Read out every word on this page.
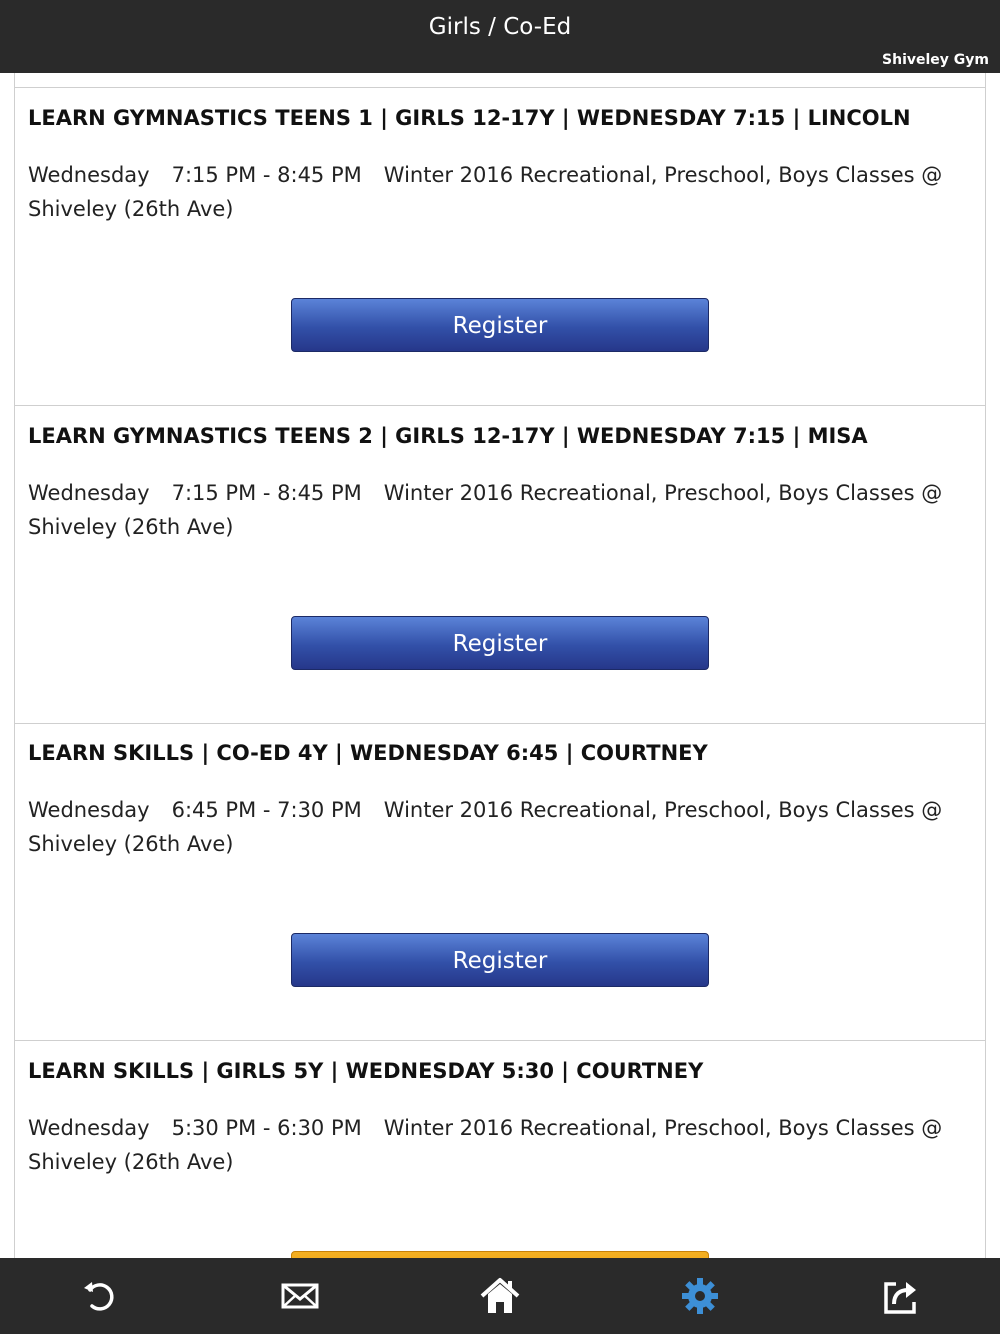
Girls / Co-Ed
Shiveley Gym
LEARN GYMNASTICS TEENS 1 | GIRLS 12-17Y | WEDNESDAY 7:15 | LINCOLN
Wednesday 7:15 PM - 8:45 PM Winter 2016 Recreational, Preschool, Boys Classes @ Shiveley (26th Ave)
Register
LEARN GYMNASTICS TEENS 2 | GIRLS 12-17Y | WEDNESDAY 7:15 | MISA
Wednesday 7:15 PM - 8:45 PM Winter 2016 Recreational, Preschool, Boys Classes @ Shiveley (26th Ave)
Register
LEARN SKILLS | CO-ED 4Y | WEDNESDAY 6:45 | COURTNEY
Wednesday 6:45 PM - 7:30 PM Winter 2016 Recreational, Preschool, Boys Classes @ Shiveley (26th Ave)
Register
LEARN SKILLS | GIRLS 5Y | WEDNESDAY 5:30 | COURTNEY
Wednesday 5:30 PM - 6:30 PM Winter 2016 Recreational, Preschool, Boys Classes @ Shiveley (26th Ave)
